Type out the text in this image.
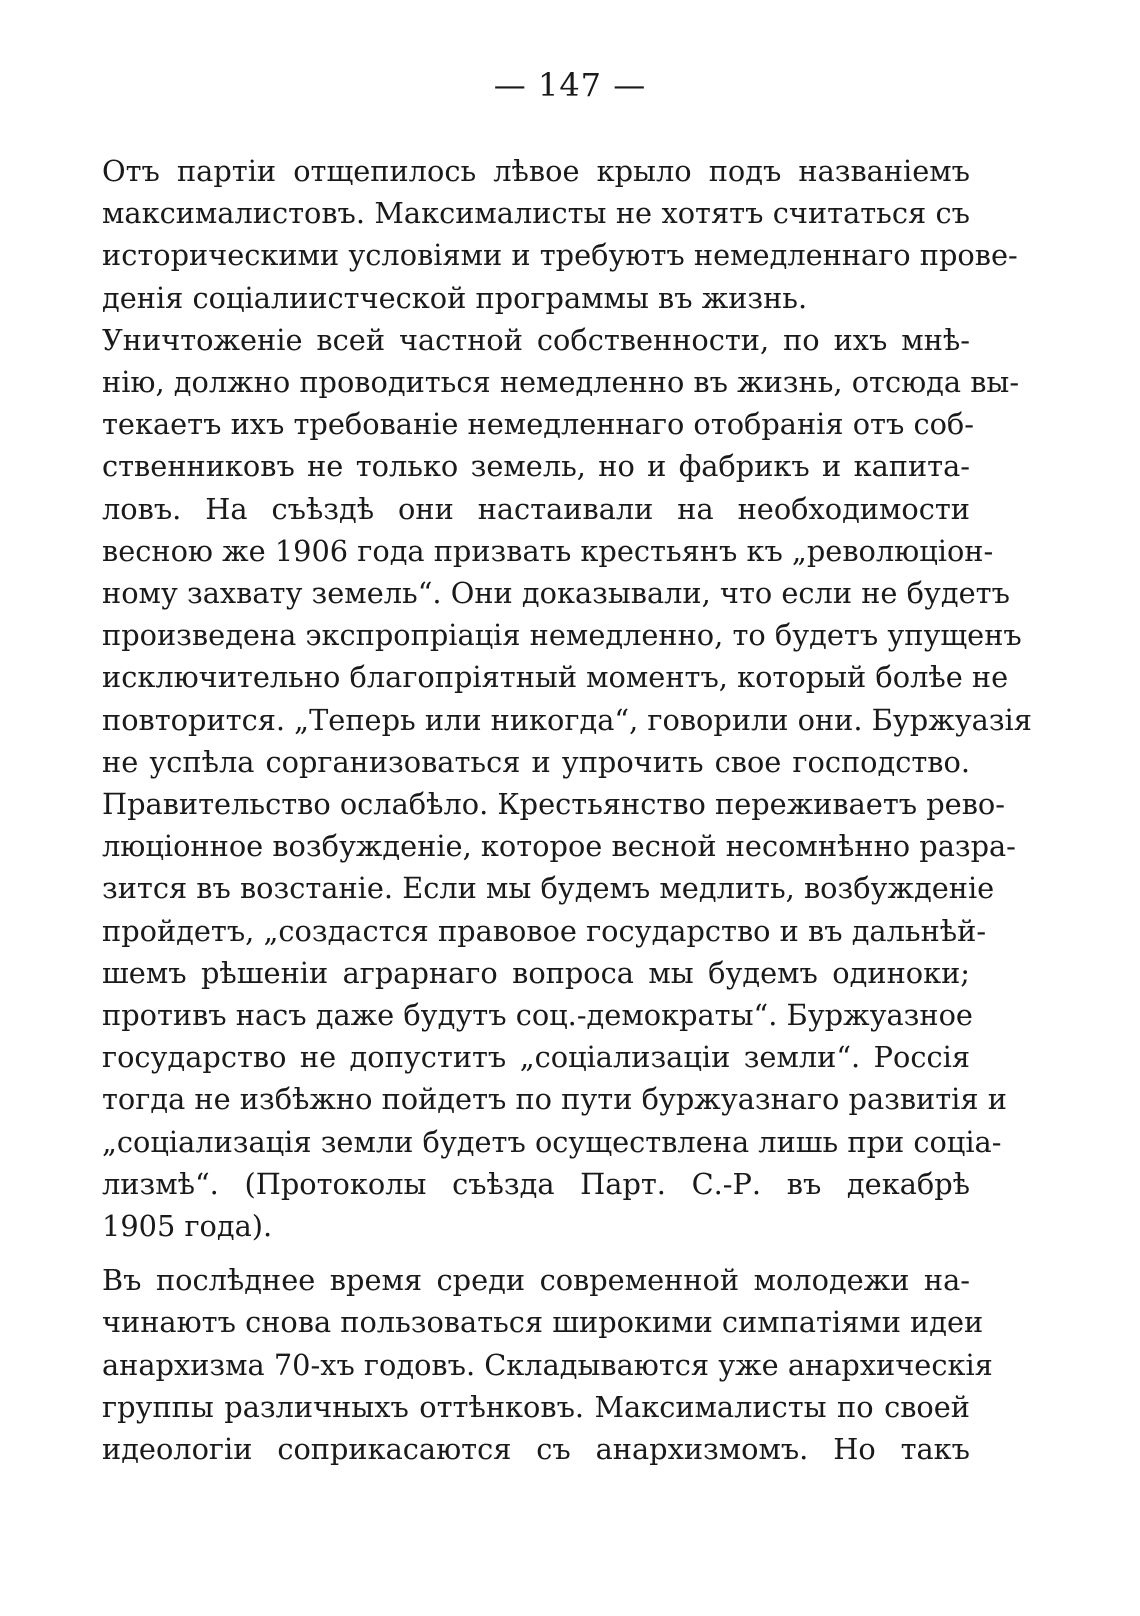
— 147 —
Отъ партіи отщепилось лѣвое крыло подъ названіемъ
максималистовъ. Максималисты не хотятъ считаться съ
историческими условіями и требуютъ немедленнаго прове-
денія соціалиистческой программы въ жизнь.
Уничтоженіе всей частной собственности, по ихъ мнѣ-
нію, должно проводиться немедленно въ жизнь, отсюда вы-
текаетъ ихъ требованіе немедленнаго отобранія отъ соб-
ственниковъ не только земель, но и фабрикъ и капита-
ловъ. На съѣздѣ они настаивали на необходимости
весною же 1906 года призвать крестьянъ къ „революціон-
ному захвату земель“. Они доказывали, что если не будетъ
произведена экспропріація немедленно, то будетъ упущенъ
исключительно благопріятный моментъ, который болѣе не
повторится. „Теперь или никогда“, говорили они. Буржуазія
не успѣла сорганизоваться и упрочить свое господство.
Правительство ослабѣло. Крестьянство переживаетъ рево-
люціонное возбужденіе, которое весной несомнѣнно разра-
зится въ возстаніе. Если мы будемъ медлить, возбужденіе
пройдетъ, „создастся правовое государство и въ дальнѣй-
шемъ рѣшеніи аграрнаго вопроса мы будемъ одиноки;
противъ насъ даже будутъ соц.-демократы“. Буржуазное
государство не допуститъ „соціализаціи земли“. Россія
тогда не избѣжно пойдетъ по пути буржуазнаго развитія и
„соціализація земли будетъ осуществлена лишь при соціа-
лизмѣ“. (Протоколы съѣзда Парт. С.-Р. въ декабрѣ
1905 года).
Въ послѣднее время среди современной молодежи на-
чинаютъ снова пользоваться широкими симпатіями идеи
анархизма 70-хъ годовъ. Складываются уже анархическія
группы различныхъ оттѣнковъ. Максималисты по своей
идеологіи соприкасаются съ анархизмомъ. Но такъ
